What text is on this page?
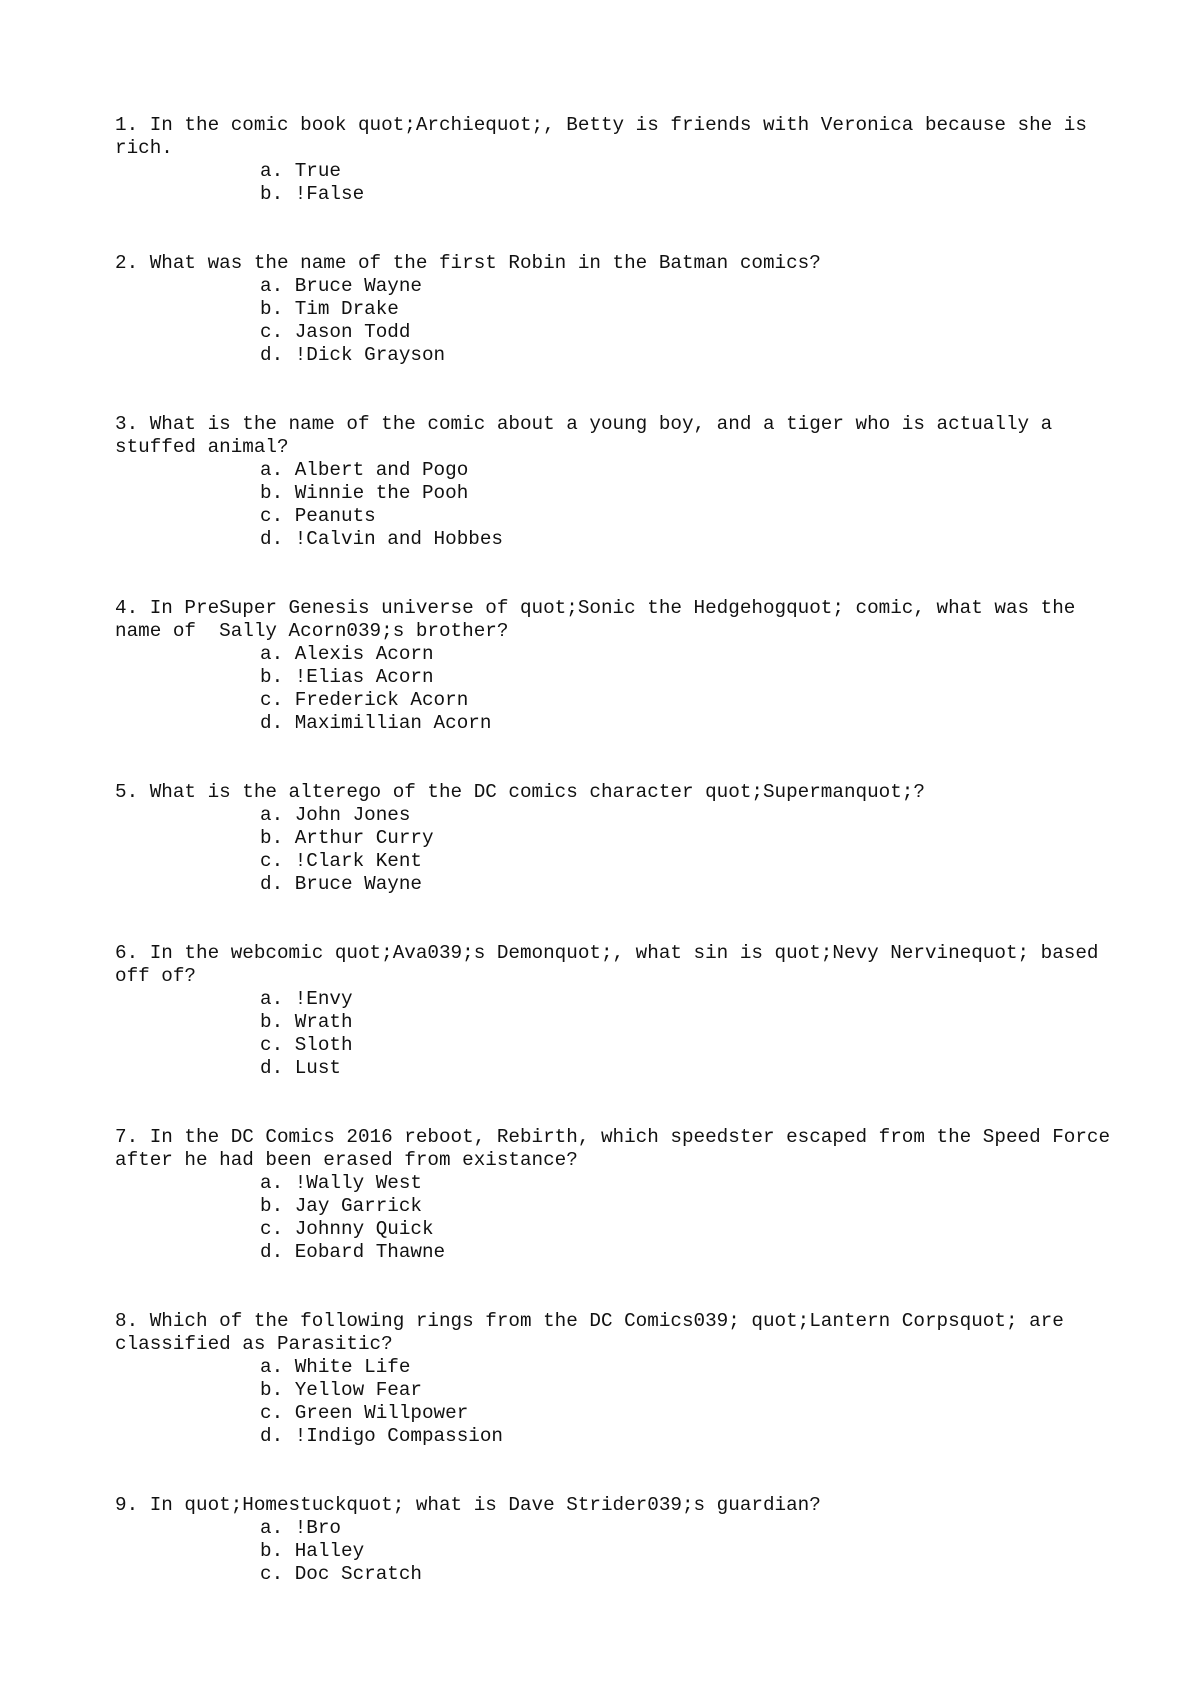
1. In the comic book quot;Archiequot;, Betty is friends with Veronica because she is rich.

a. True
b. !False

2. What was the name of the first Robin in the Batman comics?

a. Bruce Wayne
b. Tim Drake
c. Jason Todd
d. !Dick Grayson

3. What is the name of the comic about a young boy, and a tiger who is actually a stuffed animal?

a. Albert and Pogo
b. Winnie the Pooh
c. Peanuts
d. !Calvin and Hobbes

4. In PreSuper Genesis universe of quot;Sonic the Hedgehogquot; comic, what was the name of  Sally Acorn039;s brother?

a. Alexis Acorn
b. !Elias Acorn
c. Frederick Acorn
d. Maximillian Acorn

5. What is the alterego of the DC comics character quot;Supermanquot;?

a. John Jones
b. Arthur Curry
c. !Clark Kent
d. Bruce Wayne

6. In the webcomic quot;Ava039;s Demonquot;, what sin is quot;Nevy Nervinequot; based off of?

a. !Envy
b. Wrath
c. Sloth
d. Lust

7. In the DC Comics 2016 reboot, Rebirth, which speedster escaped from the Speed Force after he had been erased from existance?

a. !Wally West
b. Jay Garrick
c. Johnny Quick
d. Eobard Thawne

8. Which of the following rings from the DC Comics039; quot;Lantern Corpsquot; are classified as Parasitic?

a. White Life
b. Yellow Fear
c. Green Willpower
d. !Indigo Compassion

9. In quot;Homestuckquot; what is Dave Strider039;s guardian?

a. !Bro
b. Halley
c. Doc Scratch
